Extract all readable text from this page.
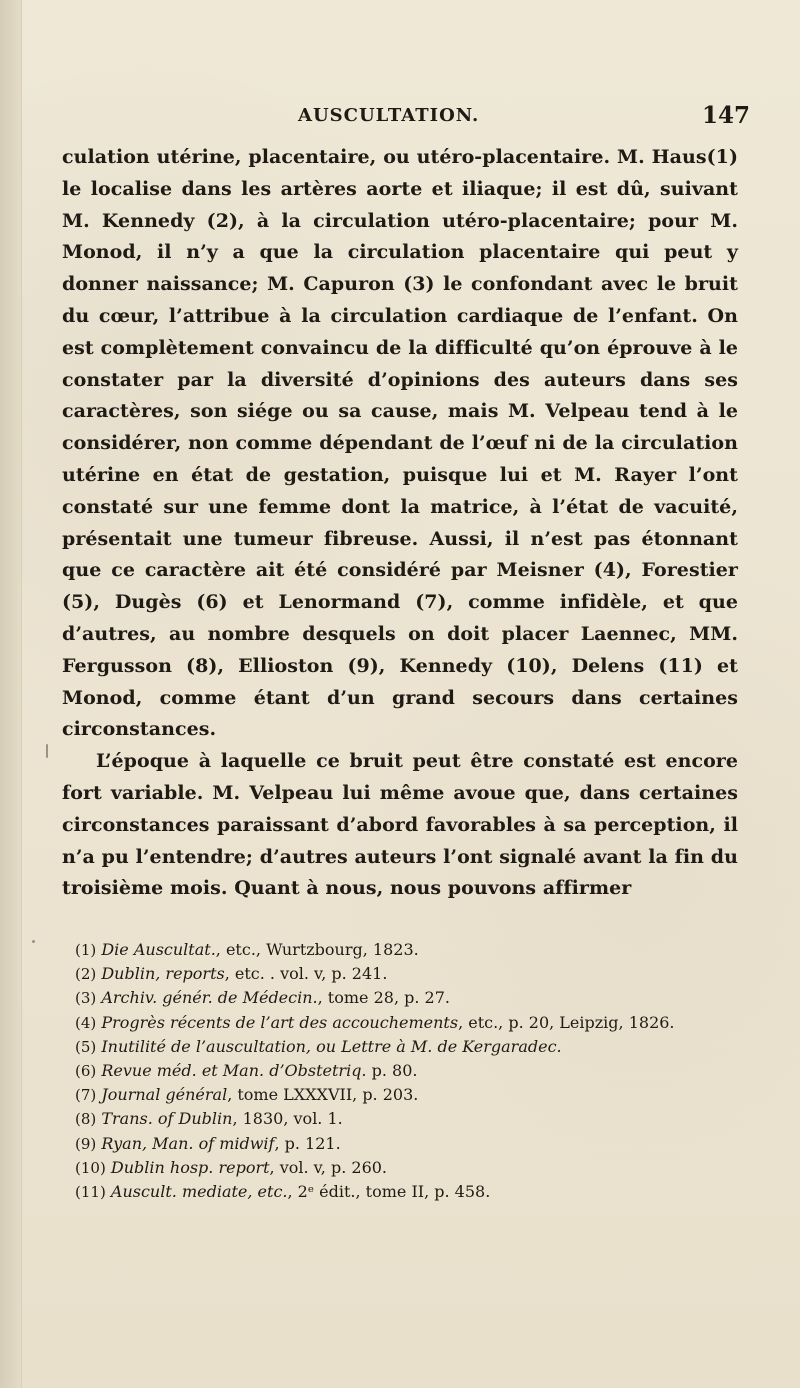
AUSCULTATION.	147

culation utérine, placentaire, ou utéro-placentaire. M. Haus(1) le localise dans les artères aorte et iliaque; il est dû, suivant M. Kennedy (2), à la circulation utéro-placentaire; pour M. Monod, il n’y a que la circulation placentaire qui peut y donner naissance; M. Capuron (3) le confondant avec le bruit du cœur, l’attribue à la circulation cardiaque de l’enfant. On est complètement convaincu de la difficulté qu’on éprouve à le constater par la diversité d’opinions des auteurs dans ses caractères, son siége ou sa cause, mais M. Velpeau tend à le considérer, non comme dépendant de l’œuf ni de la circulation utérine en état de gestation, puisque lui et M. Rayer l’ont constaté sur une femme dont la matrice, à l’état de vacuité, présentait une tumeur fibreuse. Aussi, il n’est pas étonnant que ce caractère ait été considéré par Meisner (4), Forestier (5), Dugès (6) et Lenormand (7), comme infidèle, et que d’autres, au nombre desquels on doit placer Laennec, MM. Fergusson (8), Ellioston (9), Kennedy (10), Delens (11) et Monod, comme étant d’un grand secours dans certaines circonstances.

L’époque à laquelle ce bruit peut être constaté est encore fort variable. M. Velpeau lui même avoue que, dans certaines circonstances paraissant d’abord favorables à sa perception, il n’a pu l’entendre; d’autres auteurs l’ont signalé avant la fin du troisième mois. Quant à nous, nous pouvons affirmer

(1) Die Auscultat., etc., Wurtzbourg, 1823.
(2) Dublin, reports, etc. . vol. v, p. 241.
(3) Archiv. génér. de Médecin., tome 28, p. 27.
(4) Progrès récents de l’art des accouchements, etc., p. 20, Leipzig, 1826.
(5) Inutilité de l’auscultation, ou Lettre à M. de Kergaradec.
(6) Revue méd. et Man. d’Obstetriq. p. 80.
(7) Journal général, tome LXXXVII, p. 203.
(8) Trans. of Dublin, 1830, vol. 1.
(9) Ryan, Man. of midwif, p. 121.
(10) Dublin hosp. report, vol. v, p. 260.
(11) Auscult. mediate, etc., 2ᵉ édit., tome II, p. 458.
